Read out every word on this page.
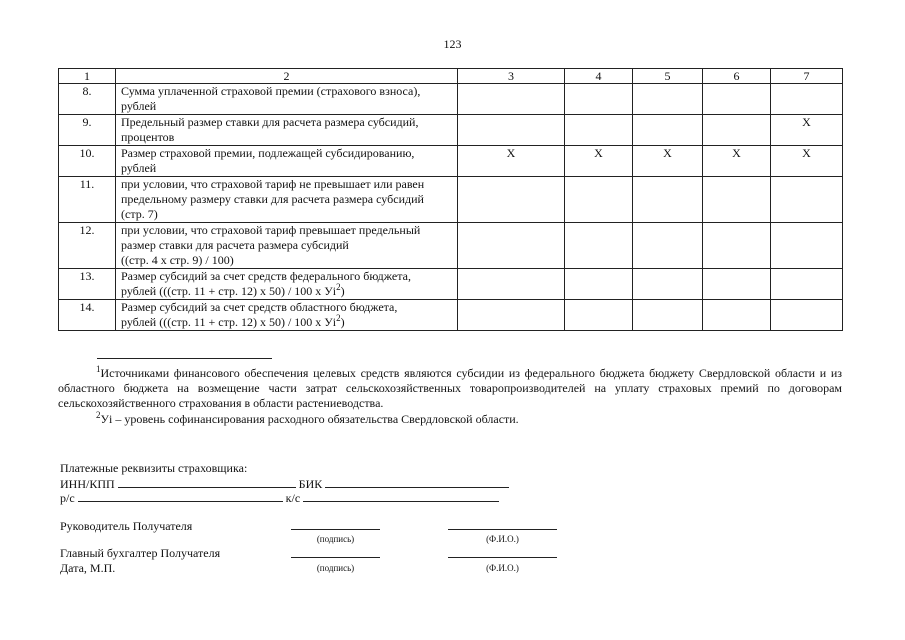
123
1	2	3	4	5	6	7
8.	Сумма уплаченной страховой премии (страхового взноса),
рублей					

9.	Предельный размер ставки для расчета размера субсидий,
процентов					Х
10.	Размер страховой премии, подлежащей субсидированию,
рублей	Х	Х	Х	Х	Х
11.	при условии, что страховой тариф не превышает или равен
предельному размеру ставки для расчета размера субсидий
(стр. 7)					

12.	при условии, что страховой тариф превышает предельный
размер ставки для расчета размера субсидий
((стр. 4 х стр. 9) / 100)					

13.	Размер субсидий за счет средств федерального бюджета,
рублей (((стр. 11 + стр. 12) х 50) / 100 х $Уi^2$)					

14.	Размер субсидий за счет средств областного бюджета,
рублей (((стр. 11 + стр. 12) х 50) / 100 х $Уi^2$)					

$^1$Источниками финансового обеспечения целевых средств являются субсидии из федерального бюджета бюджету Свердловской области и из областного бюджета на возмещение части затрат сельскохозяйственных товаропроизводителей на уплату страховых премий по договорам сельскохозяйственного страхования в области растениеводства.
$^2$Уi – уровень софинансирования расходного обязательства Свердловской области.
Платежные реквизиты страховщика:
ИНН/КПП	БИК
р/с	к/с
Руководитель Получателя
(подпись)	(Ф.И.О.)
Главный бухгалтер Получателя
Дата, М.П.	(подпись)	(Ф.И.О.)
